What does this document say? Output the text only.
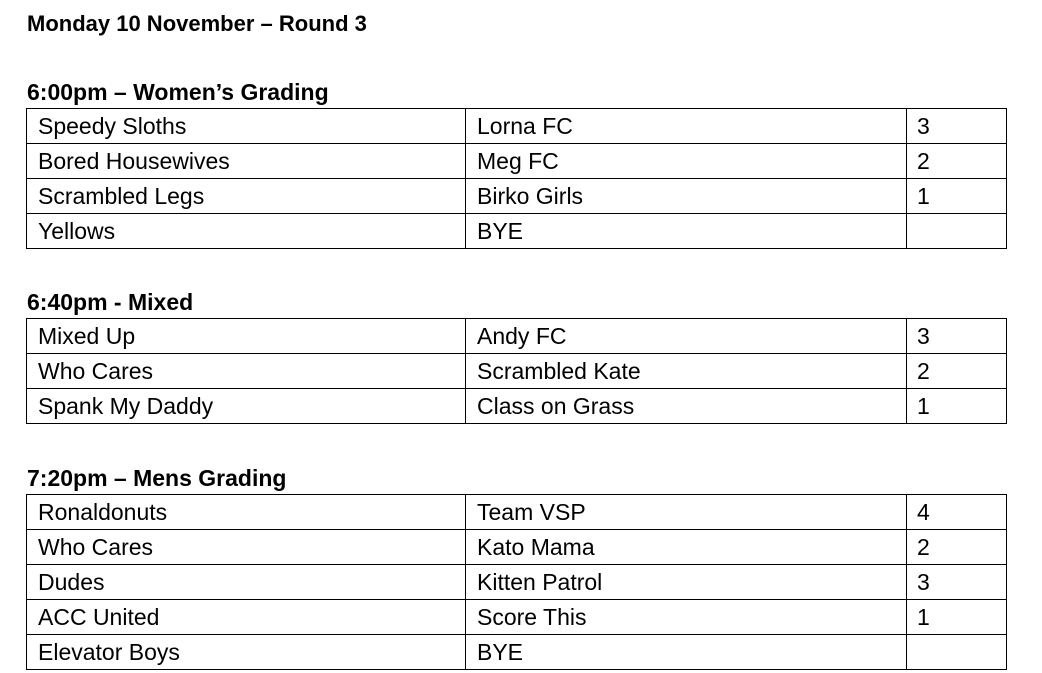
Monday 10 November – Round 3
6:00pm – Women’s Grading
Speedy Sloths	Lorna FC	3
Bored Housewives	Meg FC	2
Scrambled Legs	Birko Girls	1
Yellows	BYE	
6:40pm - Mixed
Mixed Up	Andy FC	3
Who Cares	Scrambled Kate	2
Spank My Daddy	Class on Grass	1
7:20pm – Mens Grading
Ronaldonuts	Team VSP	4
Who Cares	Kato Mama	2
Dudes	Kitten Patrol	3
ACC United	Score This	1
Elevator Boys	BYE	
